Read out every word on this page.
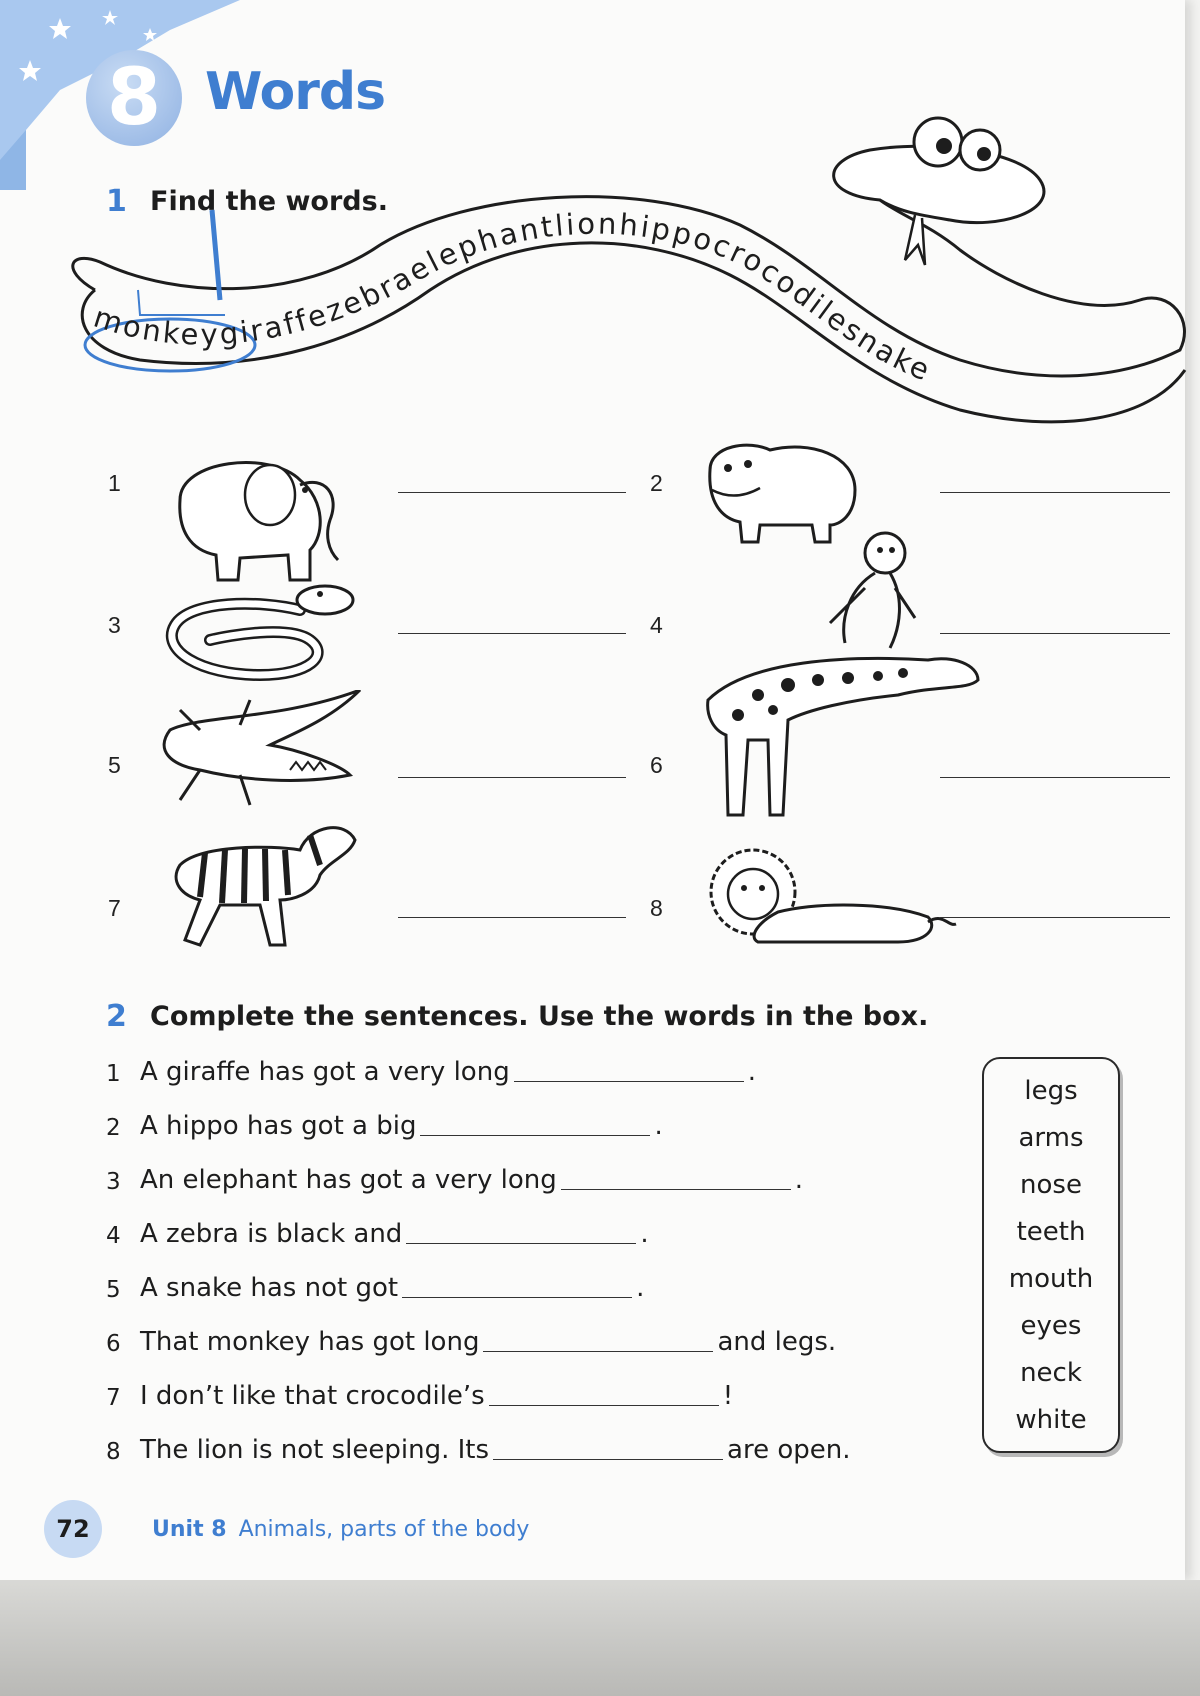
8 Words
1 Find the words.
monkeygiraffezebraelephantlionhippocrocodilesnake
1	2
3	4
5	6
7	8
2 Complete the sentences. Use the words in the box.
1 A giraffe has got a very long	.
2 A hippo has got a big	.
3 An elephant has got a very long	.
4 A zebra is black and	.
5 A snake has not got	.
6 That monkey has got long	and legs.
7 I don’t like that crocodile’s	!
8 The lion is not sleeping. Its	are open.
legs
arms
nose
teeth
mouth
eyes
neck
white
72	Unit 8 Animals, parts of the body
